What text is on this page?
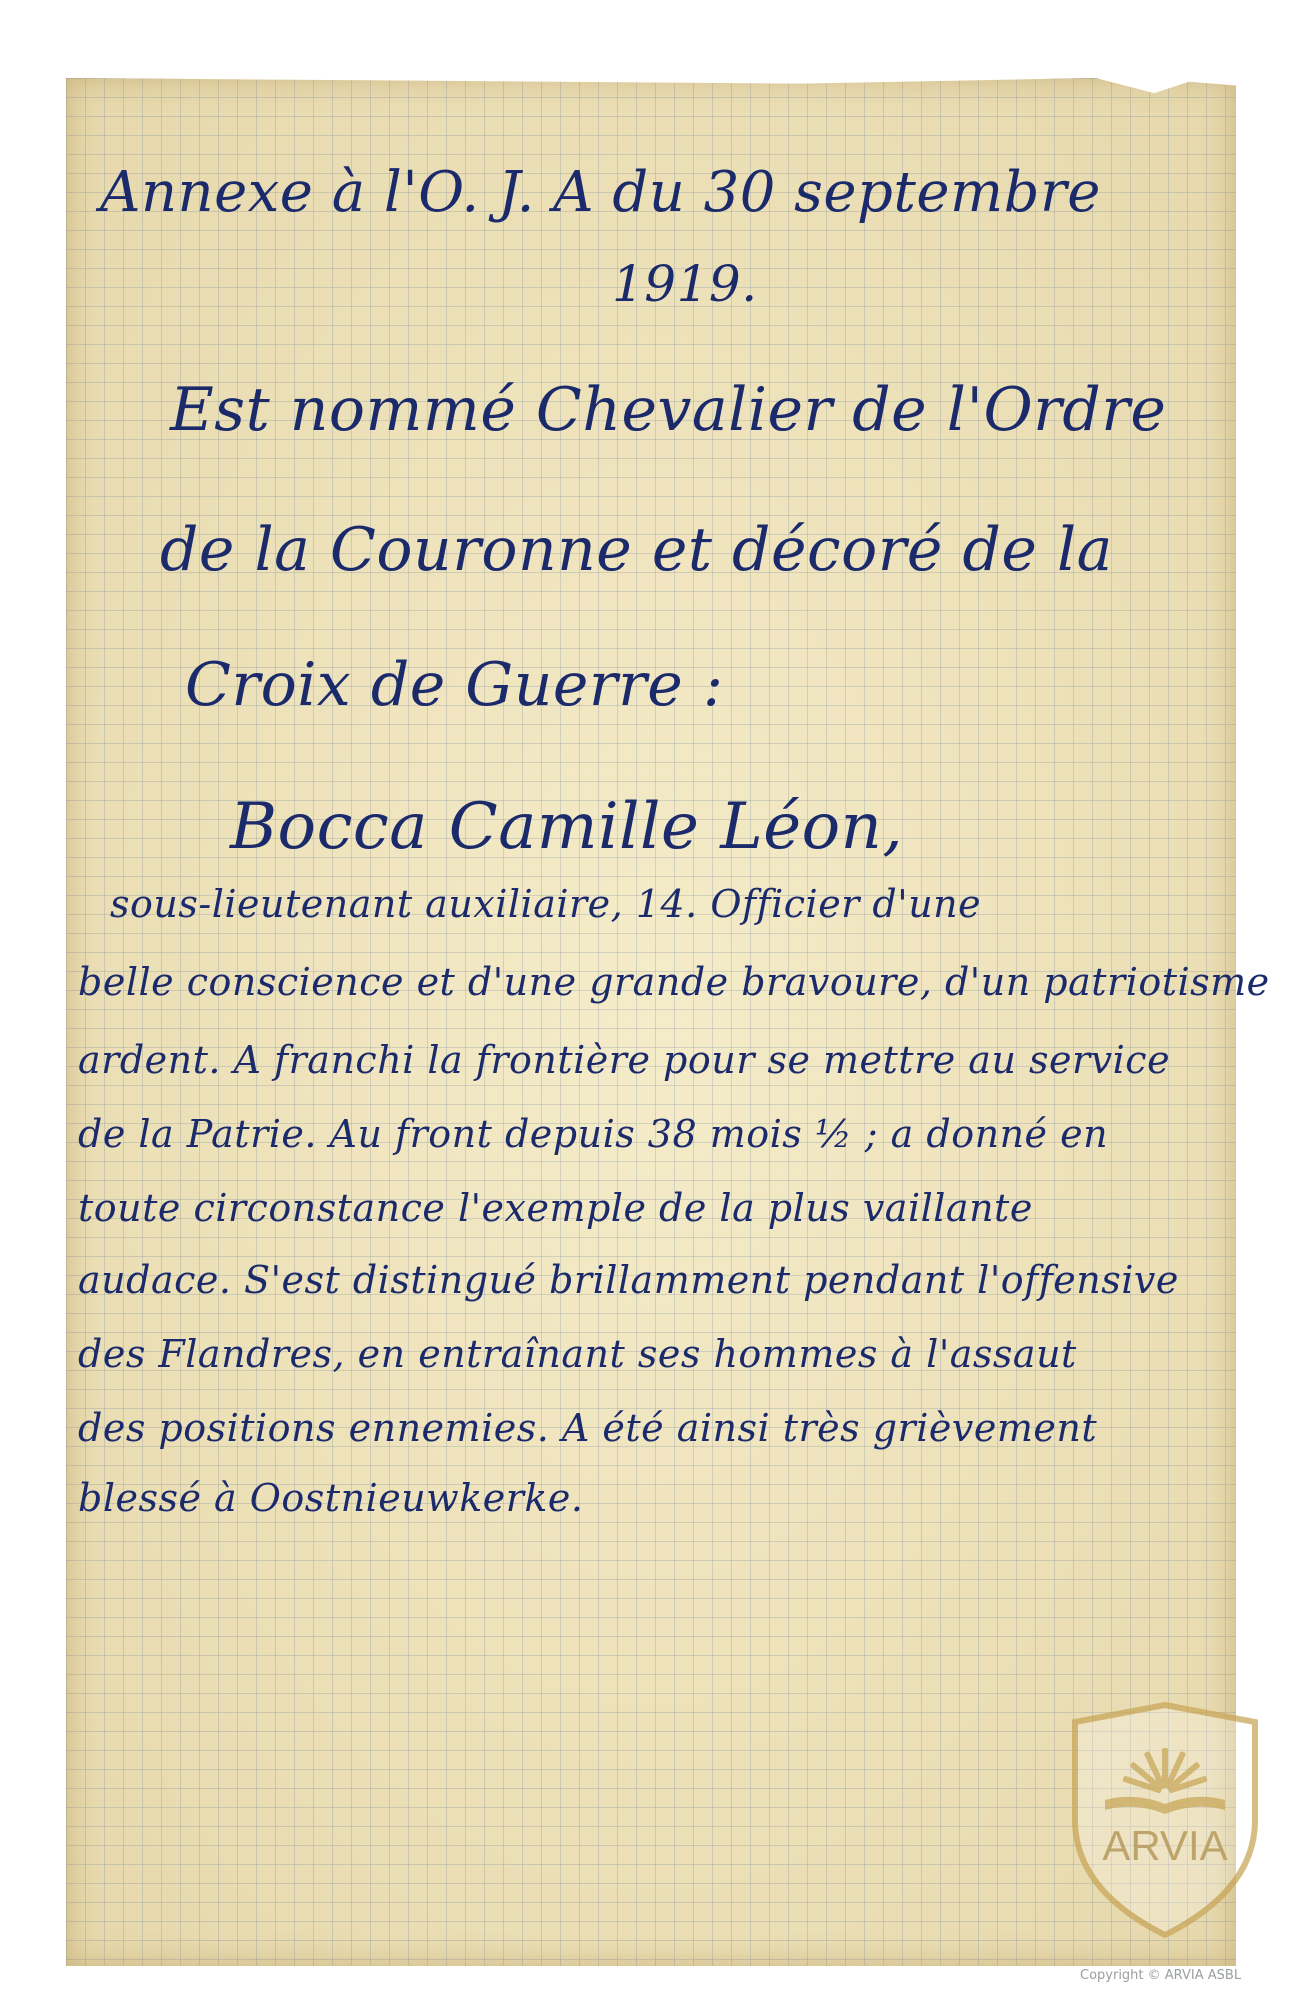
Annexe à l'O. J. A du 30 septembre
1919.
Est nommé Chevalier de l'Ordre
de la Couronne et décoré de la
Croix de Guerre :
Bocca Camille Léon,
sous-lieutenant auxiliaire, 14. Officier d'une
belle conscience et d'une grande bravoure, d'un patriotisme
ardent. A franchi la frontière pour se mettre au service
de la Patrie. Au front depuis 38 mois ½ ; a donné en
toute circonstance l'exemple de la plus vaillante
audace. S'est distingué brillamment pendant l'offensive
des Flandres, en entraînant ses hommes à l'assaut
des positions ennemies. A été ainsi très grièvement
blessé à Oostnieuwkerke.
ARVIA
Copyright © ARVIA ASBL
